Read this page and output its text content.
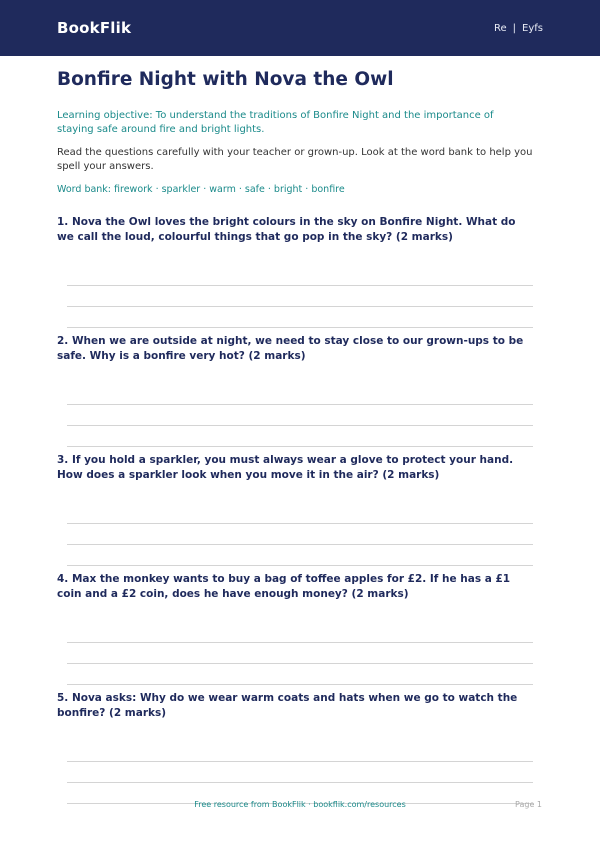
BookFlik	Re | Eyfs
Bonfire Night with Nova the Owl

Learning objective: To understand the traditions of Bonfire Night and the importance of staying safe around fire and bright lights.

Read the questions carefully with your teacher or grown-up. Look at the word bank to help you spell your answers.

Word bank: firework · sparkler · warm · safe · bright · bonfire

1. Nova the Owl loves the bright colours in the sky on Bonfire Night. What do we call the loud, colourful things that go pop in the sky? (2 marks)

2. When we are outside at night, we need to stay close to our grown-ups to be safe. Why is a bonfire very hot? (2 marks)

3. If you hold a sparkler, you must always wear a glove to protect your hand. How does a sparkler look when you move it in the air? (2 marks)

4. Max the monkey wants to buy a bag of toffee apples for £2. If he has a £1 coin and a £2 coin, does he have enough money? (2 marks)

5. Nova asks: Why do we wear warm coats and hats when we go to watch the bonfire? (2 marks)

Free resource from BookFlik · bookflik.com/resources	Page 1
